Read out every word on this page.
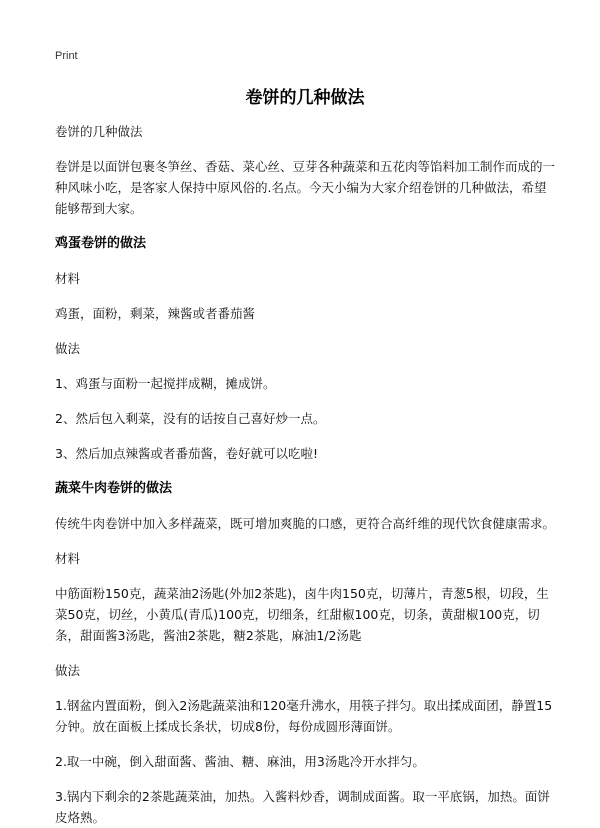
Print
卷饼的几种做法

卷饼的几种做法

卷饼是以面饼包裹冬笋丝、香菇、菜心丝、豆芽各种蔬菜和五花肉等馅料加工制作而成的一种风味小吃，是客家人保持中原风俗的.名点。今天小编为大家介绍卷饼的几种做法，希望能够帮到大家。

鸡蛋卷饼的做法

材料

鸡蛋，面粉，剩菜，辣酱或者番茄酱

做法

1、鸡蛋与面粉一起搅拌成糊，摊成饼。

2、然后包入剩菜，没有的话按自己喜好炒一点。

3、然后加点辣酱或者番茄酱，卷好就可以吃啦!

蔬菜牛肉卷饼的做法

传统牛肉卷饼中加入多样蔬菜，既可增加爽脆的口感，更符合高纤维的现代饮食健康需求。

材料

中筋面粉150克，蔬菜油2汤匙(外加2茶匙)，卤牛肉150克，切薄片，青葱5根，切段，生菜50克，切丝，小黄瓜(青瓜)100克，切细条，红甜椒100克，切条，黄甜椒100克，切条，甜面酱3汤匙，酱油2茶匙，糖2茶匙，麻油1/2汤匙

做法

1.钢盆内置面粉，倒入2汤匙蔬菜油和120毫升沸水，用筷子拌匀。取出揉成面团，静置15分钟。放在面板上揉成长条状，切成8份，每份成圆形薄面饼。

2.取一中碗，倒入甜面酱、酱油、糖、麻油，用3汤匙冷开水拌匀。

3.锅内下剩余的2茶匙蔬菜油，加热。入酱料炒香，调制成面酱。取一平底锅，加热。面饼皮烙熟。
